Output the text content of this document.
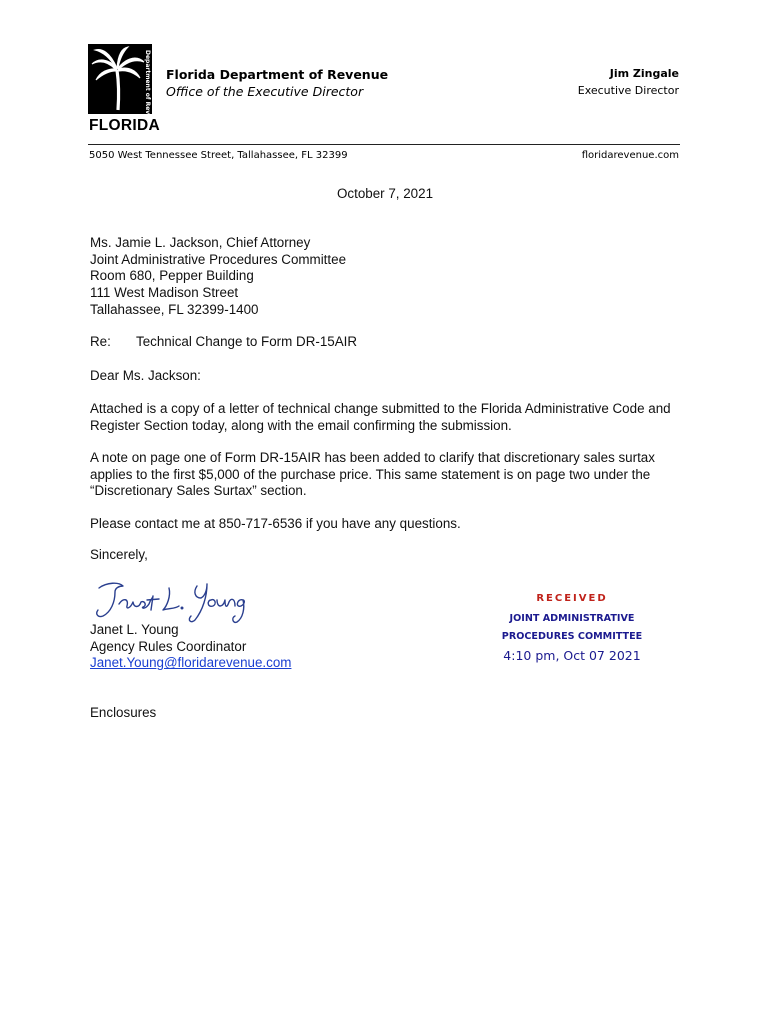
Department of Revenue
FLORIDA
Florida Department of Revenue
Office of the Executive Director
Jim Zingale
Executive Director
5050 West Tennessee Street, Tallahassee, FL 32399	floridarevenue.com
October 7, 2021
Ms. Jamie L. Jackson, Chief Attorney
Joint Administrative Procedures Committee
Room 680, Pepper Building
111 West Madison Street
Tallahassee, FL 32399-1400
Re: Technical Change to Form DR-15AIR
Dear Ms. Jackson:
Attached is a copy of a letter of technical change submitted to the Florida Administrative Code and Register Section today, along with the email confirming the submission.
A note on page one of Form DR-15AIR has been added to clarify that discretionary sales surtax applies to the first $5,000 of the purchase price. This same statement is on page two under the “Discretionary Sales Surtax” section.
Please contact me at 850-717-6536 if you have any questions.
Sincerely,
Janet L. Young
Agency Rules Coordinator
Janet.Young@floridarevenue.com
Enclosures
RECEIVED
JOINT ADMINISTRATIVE
PROCEDURES COMMITTEE
4:10 pm, Oct 07 2021
